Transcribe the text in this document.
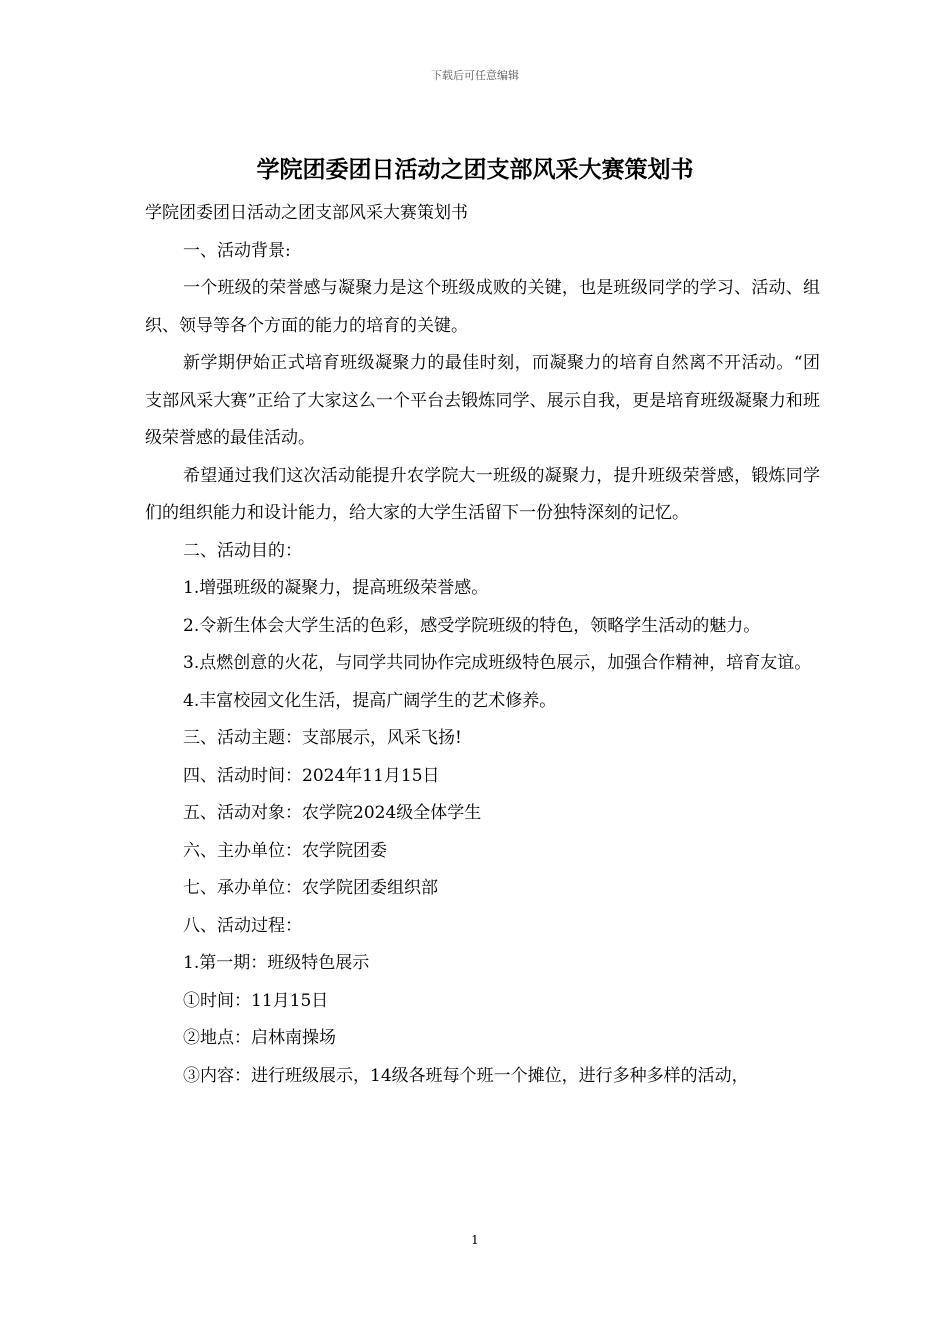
下载后可任意编辑
学院团委团日活动之团支部风采大赛策划书

学院团委团日活动之团支部风采大赛策划书

一、活动背景:

一个班级的荣誉感与凝聚力是这个班级成败的关键，也是班级同学的学习、活动、组织、领导等各个方面的能力的培育的关键。

新学期伊始正式培育班级凝聚力的最佳时刻，而凝聚力的培育自然离不开活动。“团支部风采大赛”正给了大家这么一个平台去锻炼同学、展示自我，更是培育班级凝聚力和班级荣誉感的最佳活动。

希望通过我们这次活动能提升农学院大一班级的凝聚力，提升班级荣誉感，锻炼同学们的组织能力和设计能力，给大家的大学生活留下一份独特深刻的记忆。

二、活动目的：

1.增强班级的凝聚力，提高班级荣誉感。

2.令新生体会大学生活的色彩，感受学院班级的特色，领略学生活动的魅力。

3.点燃创意的火花，与同学共同协作完成班级特色展示，加强合作精神，培育友谊。

4.丰富校园文化生活，提高广阔学生的艺术修养。

三、活动主题：支部展示，风采飞扬!

四、活动时间：2024年11月15日

五、活动对象：农学院2024级全体学生

六、主办单位：农学院团委

七、承办单位：农学院团委组织部

八、活动过程：

1.第一期：班级特色展示

①时间：11月15日

②地点：启林南操场

③内容：进行班级展示，14级各班每个班一个摊位，进行多种多样的活动，

1
